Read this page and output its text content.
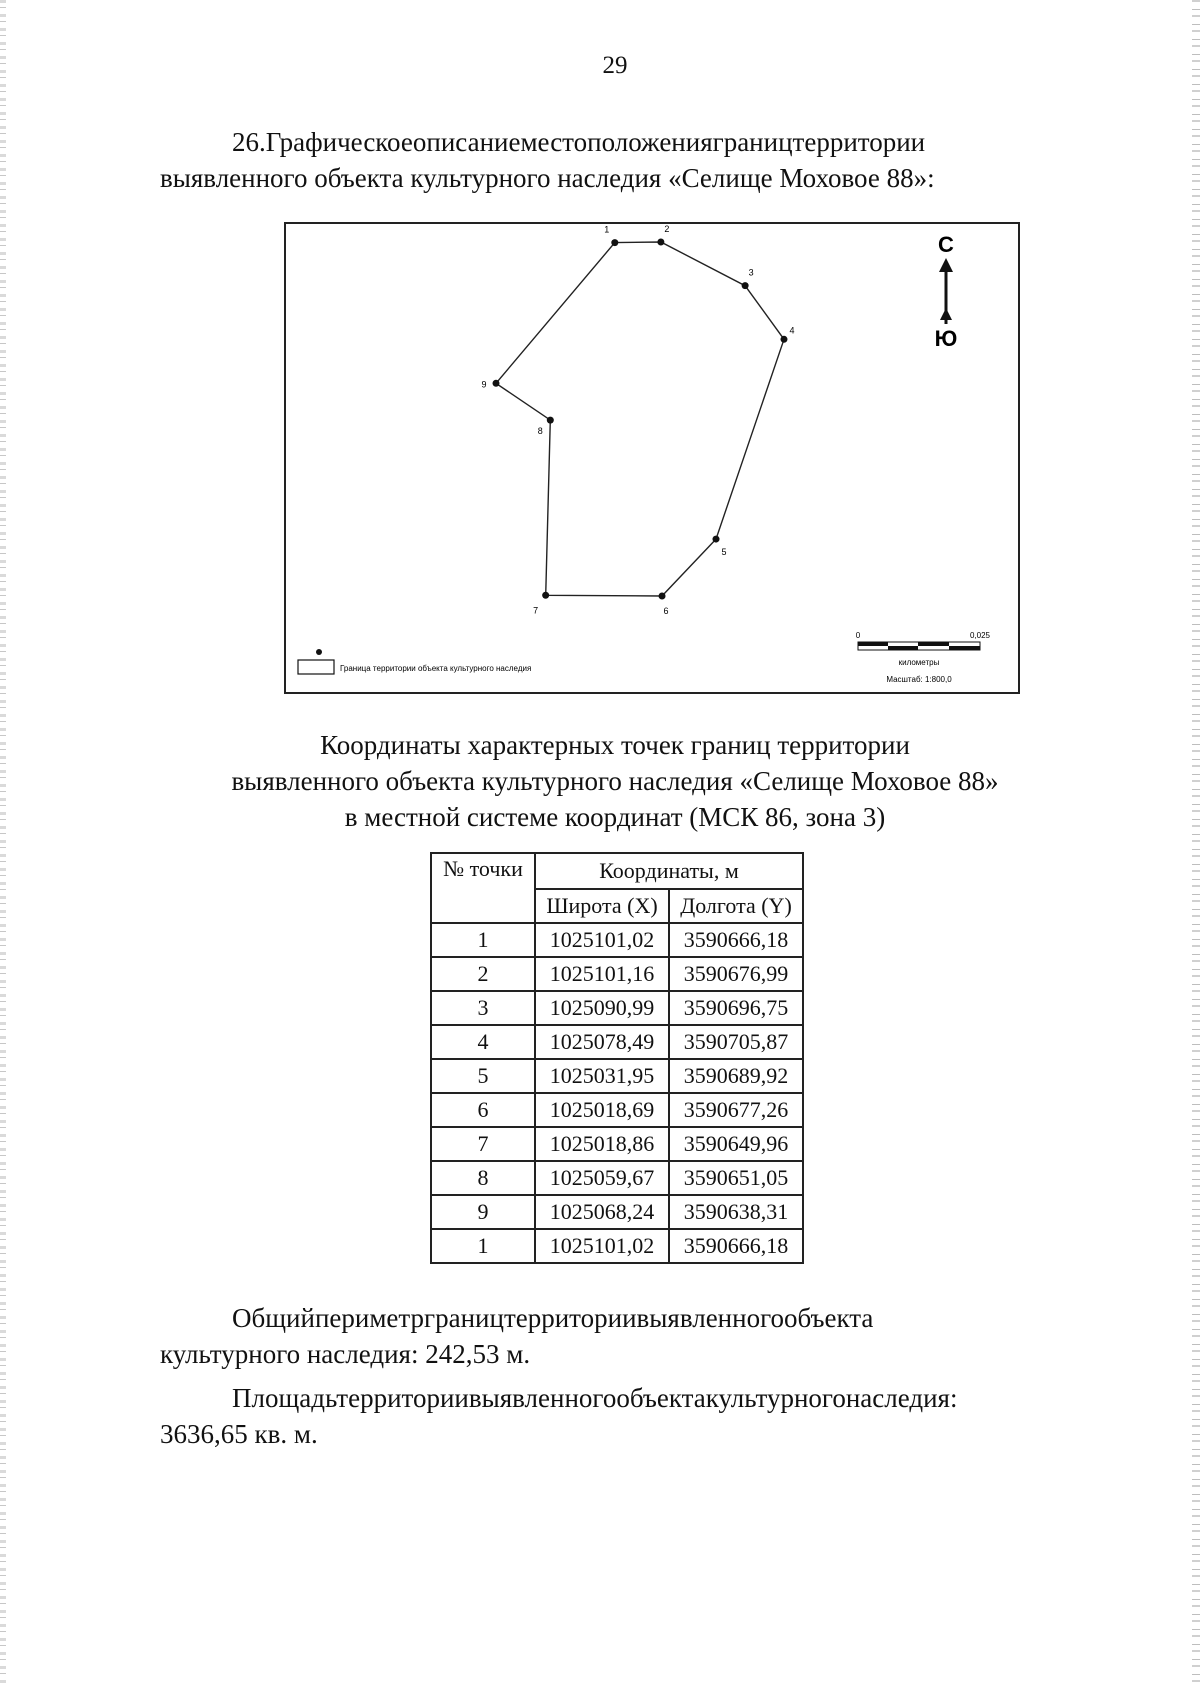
29
26.Графическоеописаниеместоположенияграництерритории
выявленного объекта культурного наследия «Селище Моховое 88»:
1	2
3
4
5
6
7
8
9
С
Ю
Граница территории объекта культурного наследия
0	0,025
километры
Масштаб: 1:800,0
Координаты характерных точек границ территории
выявленного объекта культурного наследия «Селище Моховое 88»
в местной системе координат (МСК 86, зона 3)
№ точки	Координаты, м	
	Широта (X)	Долгота (Y)
1	1025101,02	3590666,18
2	1025101,16	3590676,99
3	1025090,99	3590696,75
4	1025078,49	3590705,87
5	1025031,95	3590689,92
6	1025018,69	3590677,26
7	1025018,86	3590649,96
8	1025059,67	3590651,05
9	1025068,24	3590638,31
1	1025101,02	3590666,18
Общийпериметрграництерриториивыявленногообъекта
культурного наследия: 242,53 м.
Площадьтерриториивыявленногообъектакультурногонаследия:
3636,65 кв. м.
